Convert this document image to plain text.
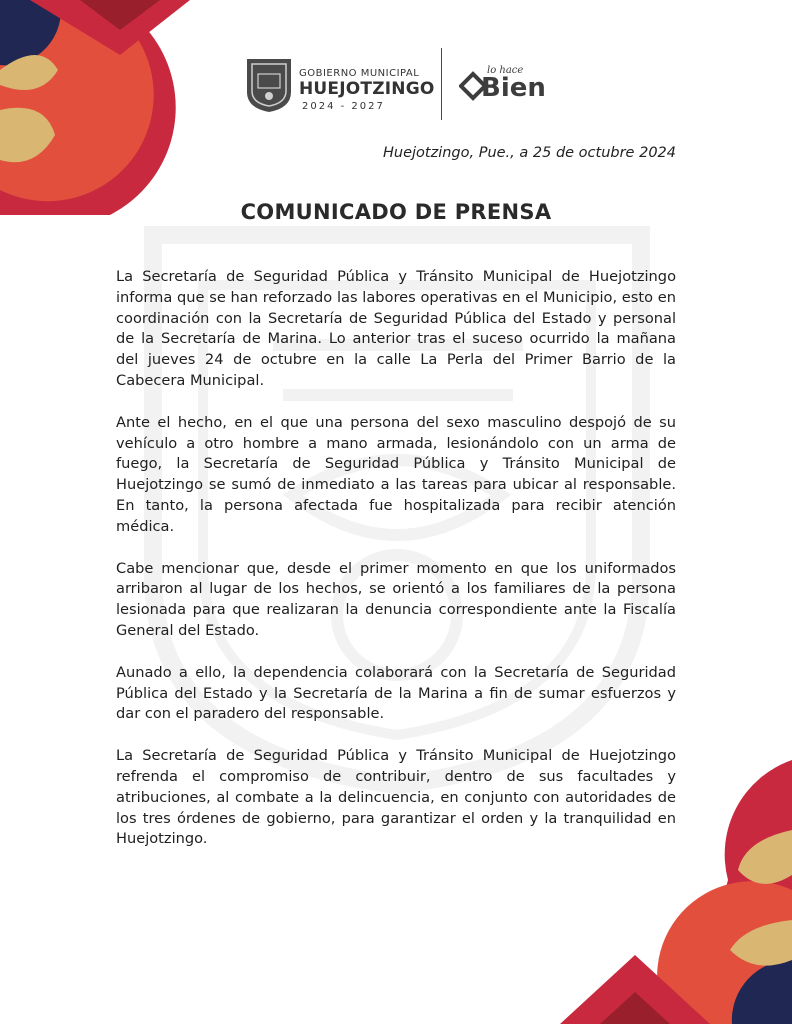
GOBIERNO MUNICIPAL
HUEJOTZINGO
2024 - 2027
Bien
lo hace
Huejotzingo, Pue., a 25 de octubre 2024
COMUNICADO DE PRENSA

La Secretaría de Seguridad Pública y Tránsito Municipal de Huejotzingo informa que se han reforzado las labores operativas en el Municipio, esto en coordinación con la Secretaría de Seguridad Pública del Estado y personal de la Secretaría de Marina. Lo anterior tras el suceso ocurrido la mañana del jueves 24 de octubre en la calle La Perla del Primer Barrio de la Cabecera Municipal.

Ante el hecho, en el que una persona del sexo masculino despojó de su vehículo a otro hombre a mano armada, lesionándolo con un arma de fuego, la Secretaría de Seguridad Pública y Tránsito Municipal de Huejotzingo se sumó de inmediato a las tareas para ubicar al responsable. En tanto, la persona afectada fue hospitalizada para recibir atención médica.

Cabe mencionar que, desde el primer momento en que los uniformados arribaron al lugar de los hechos, se orientó a los familiares de la persona lesionada para que realizaran la denuncia correspondiente ante la Fiscalía General del Estado.

Aunado a ello, la dependencia colaborará con la Secretaría de Seguridad Pública del Estado y la Secretaría de la Marina a fin de sumar esfuerzos y dar con el paradero del responsable.

La Secretaría de Seguridad Pública y Tránsito Municipal de Huejotzingo refrenda el compromiso de contribuir, dentro de sus facultades y atribuciones, al combate a la delincuencia, en conjunto con autoridades de los tres órdenes de gobierno, para garantizar el orden y la tranquilidad en Huejotzingo.
